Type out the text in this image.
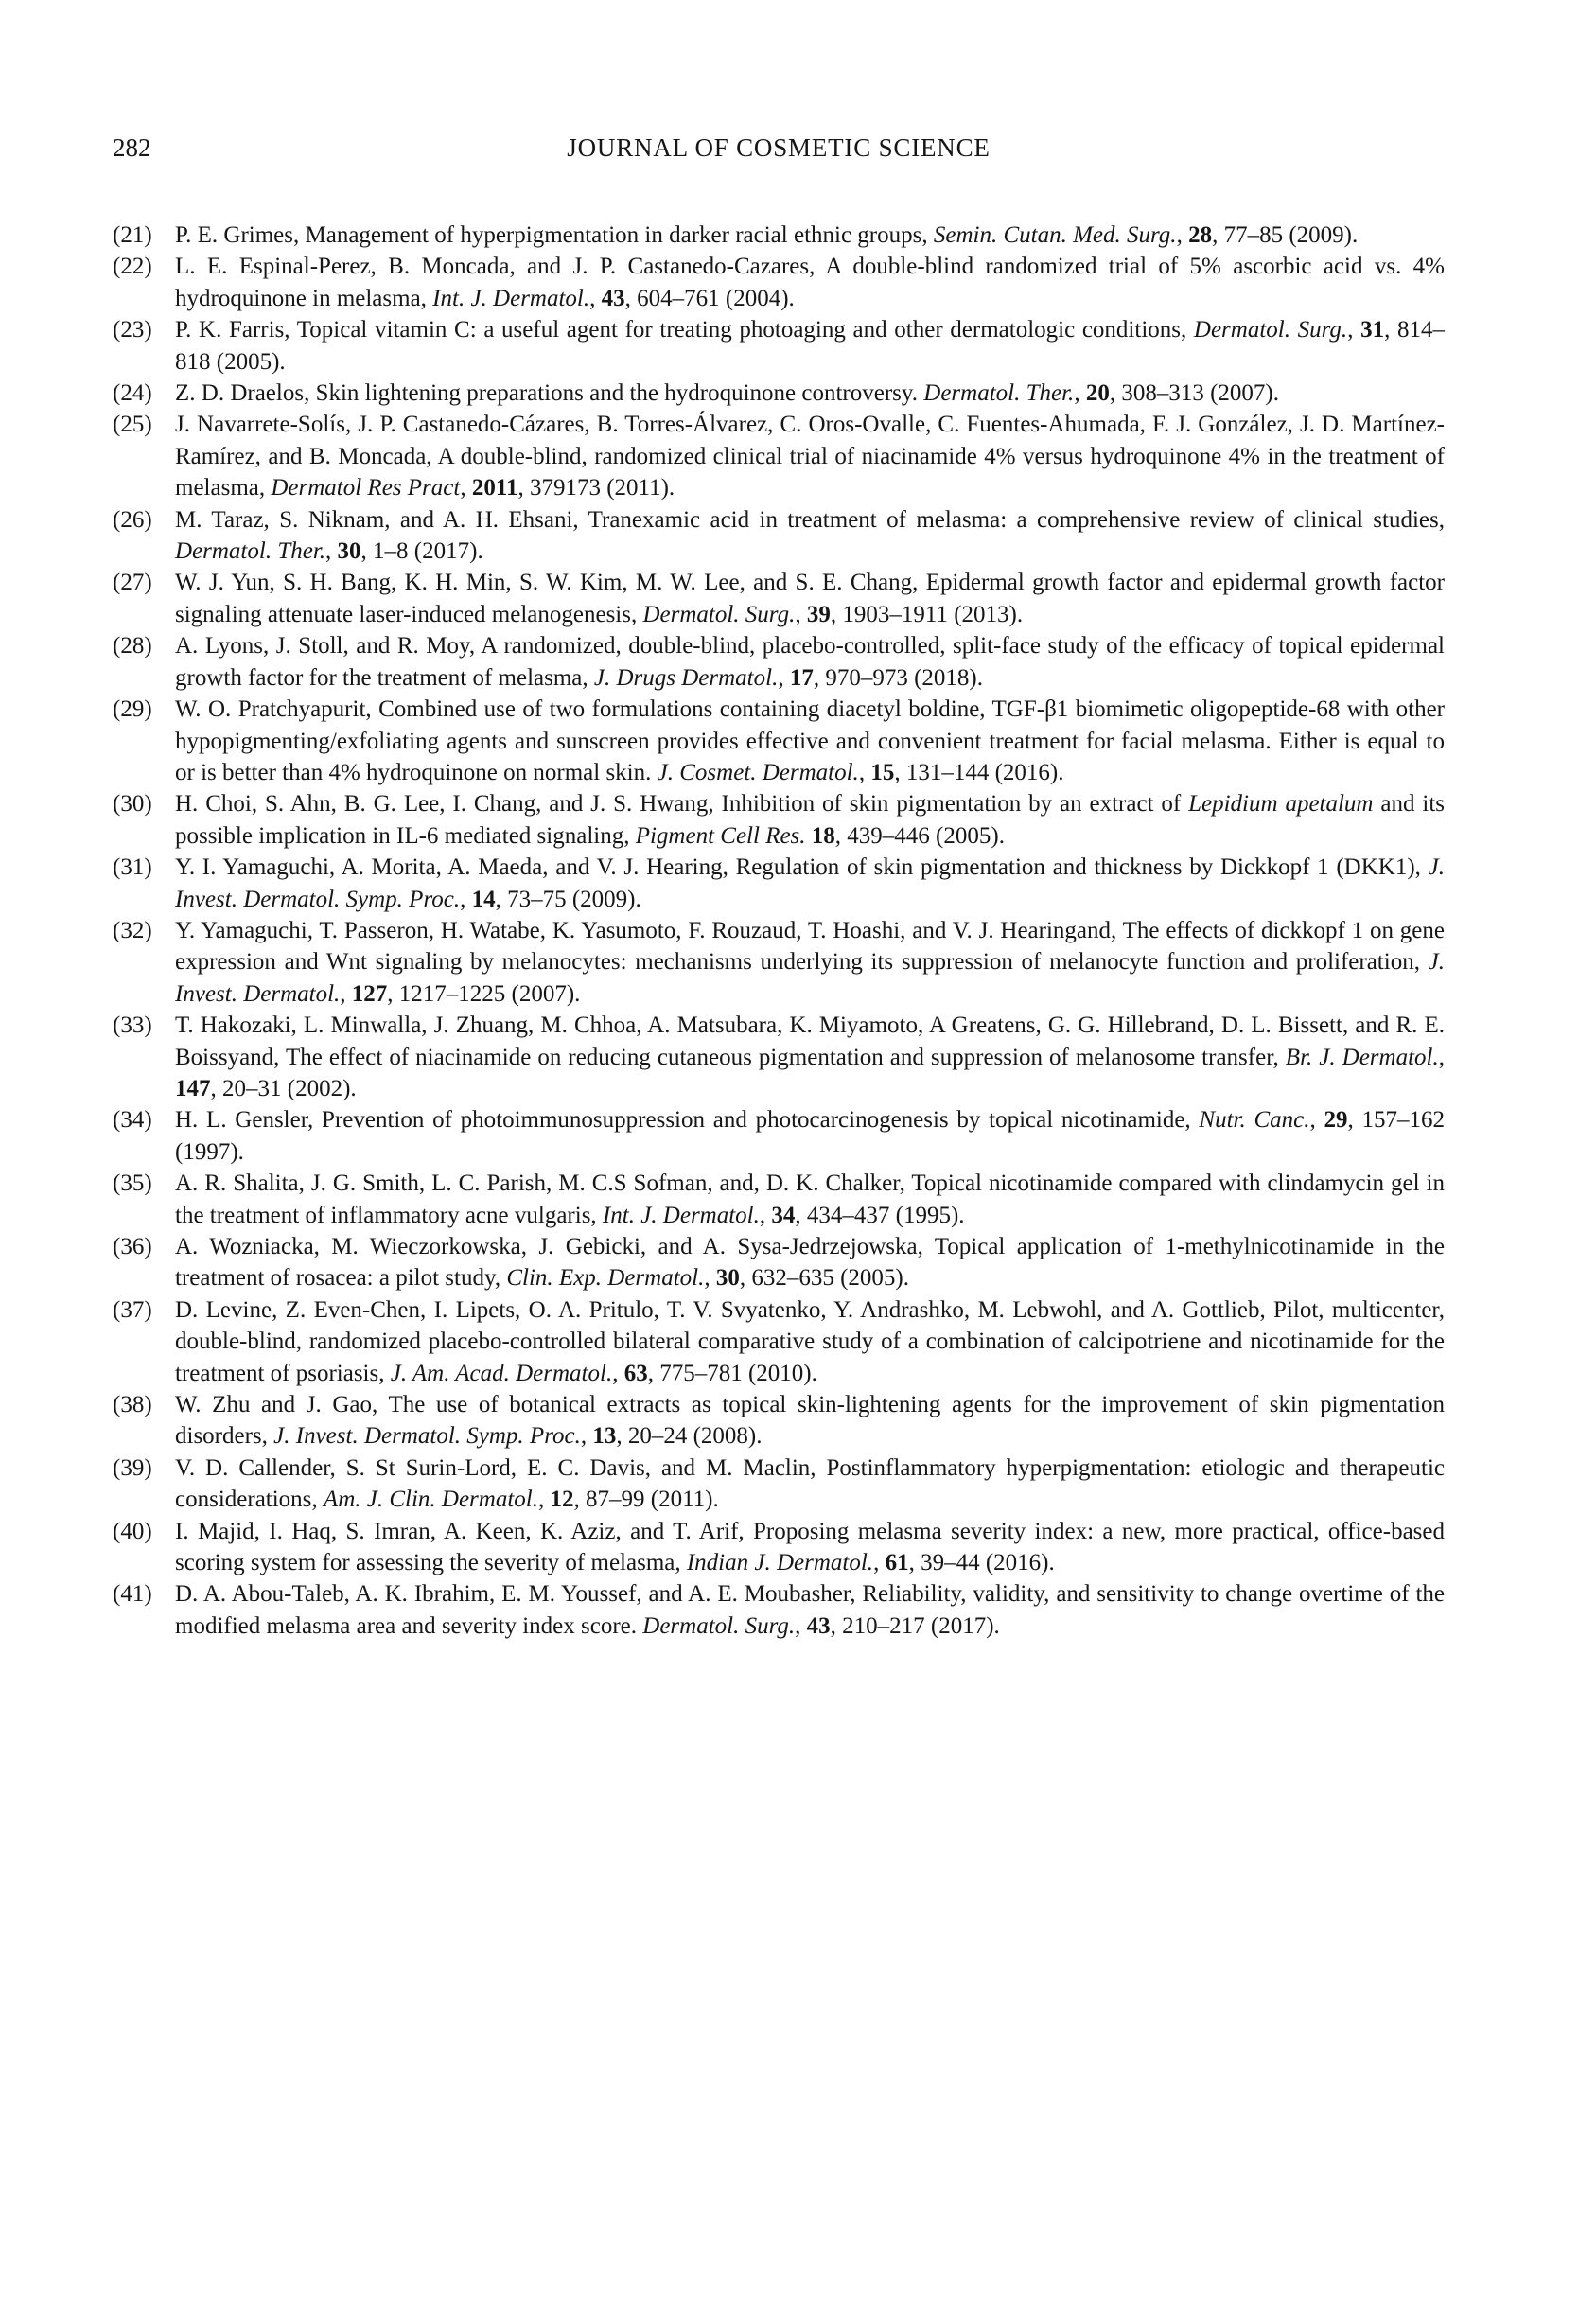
282	JOURNAL OF COSMETIC SCIENCE

(21) P. E. Grimes, Management of hyperpigmentation in darker racial ethnic groups, Semin. Cutan. Med. Surg., 28, 77–85 (2009).

(22) L. E. Espinal-Perez, B. Moncada, and J. P. Castanedo-Cazares, A double-blind randomized trial of 5% ascorbic acid vs. 4% hydroquinone in melasma, Int. J. Dermatol., 43, 604–761 (2004).

(23) P. K. Farris, Topical vitamin C: a useful agent for treating photoaging and other dermatologic conditions, Dermatol. Surg., 31, 814–818 (2005).

(24) Z. D. Draelos, Skin lightening preparations and the hydroquinone controversy. Dermatol. Ther., 20, 308–313 (2007).

(25) J. Navarrete-Solís, J. P. Castanedo-Cázares, B. Torres-Álvarez, C. Oros-Ovalle, C. Fuentes-Ahumada, F. J. González, J. D. Martínez-Ramírez, and B. Moncada, A double-blind, randomized clinical trial of niacinamide 4% versus hydroquinone 4% in the treatment of melasma, Dermatol Res Pract, 2011, 379173 (2011).

(26) M. Taraz, S. Niknam, and A. H. Ehsani, Tranexamic acid in treatment of melasma: a comprehensive review of clinical studies, Dermatol. Ther., 30, 1–8 (2017).

(27) W. J. Yun, S. H. Bang, K. H. Min, S. W. Kim, M. W. Lee, and S. E. Chang, Epidermal growth factor and epidermal growth factor signaling attenuate laser-induced melanogenesis, Dermatol. Surg., 39, 1903–1911 (2013).

(28) A. Lyons, J. Stoll, and R. Moy, A randomized, double-blind, placebo-controlled, split-face study of the efficacy of topical epidermal growth factor for the treatment of melasma, J. Drugs Dermatol., 17, 970–973 (2018).

(29) W. O. Pratchyapurit, Combined use of two formulations containing diacetyl boldine, TGF-β1 biomimetic oligopeptide-68 with other hypopigmenting/exfoliating agents and sunscreen provides effective and convenient treatment for facial melasma. Either is equal to or is better than 4% hydroquinone on normal skin. J. Cosmet. Dermatol., 15, 131–144 (2016).

(30) H. Choi, S. Ahn, B. G. Lee, I. Chang, and J. S. Hwang, Inhibition of skin pigmentation by an extract of Lepidium apetalum and its possible implication in IL-6 mediated signaling, Pigment Cell Res. 18, 439–446 (2005).

(31) Y. I. Yamaguchi, A. Morita, A. Maeda, and V. J. Hearing, Regulation of skin pigmentation and thickness by Dickkopf 1 (DKK1), J. Invest. Dermatol. Symp. Proc., 14, 73–75 (2009).

(32) Y. Yamaguchi, T. Passeron, H. Watabe, K. Yasumoto, F. Rouzaud, T. Hoashi, and V. J. Hearingand, The effects of dickkopf 1 on gene expression and Wnt signaling by melanocytes: mechanisms underlying its suppression of melanocyte function and proliferation, J. Invest. Dermatol., 127, 1217–1225 (2007).

(33) T. Hakozaki, L. Minwalla, J. Zhuang, M. Chhoa, A. Matsubara, K. Miyamoto, A Greatens, G. G. Hillebrand, D. L. Bissett, and R. E. Boissyand, The effect of niacinamide on reducing cutaneous pigmentation and suppression of melanosome transfer, Br. J. Dermatol., 147, 20–31 (2002).

(34) H. L. Gensler, Prevention of photoimmunosuppression and photocarcinogenesis by topical nicotinamide, Nutr. Canc., 29, 157–162 (1997).

(35) A. R. Shalita, J. G. Smith, L. C. Parish, M. C.S Sofman, and, D. K. Chalker, Topical nicotinamide compared with clindamycin gel in the treatment of inflammatory acne vulgaris, Int. J. Dermatol., 34, 434–437 (1995).

(36) A. Wozniacka, M. Wieczorkowska, J. Gebicki, and A. Sysa-Jedrzejowska, Topical application of 1-methylnicotinamide in the treatment of rosacea: a pilot study, Clin. Exp. Dermatol., 30, 632–635 (2005).

(37) D. Levine, Z. Even-Chen, I. Lipets, O. A. Pritulo, T. V. Svyatenko, Y. Andrashko, M. Lebwohl, and A. Gottlieb, Pilot, multicenter, double-blind, randomized placebo-controlled bilateral comparative study of a combination of calcipotriene and nicotinamide for the treatment of psoriasis, J. Am. Acad. Dermatol., 63, 775–781 (2010).

(38) W. Zhu and J. Gao, The use of botanical extracts as topical skin-lightening agents for the improvement of skin pigmentation disorders, J. Invest. Dermatol. Symp. Proc., 13, 20–24 (2008).

(39) V. D. Callender, S. St Surin-Lord, E. C. Davis, and M. Maclin, Postinflammatory hyperpigmentation: etiologic and therapeutic considerations, Am. J. Clin. Dermatol., 12, 87–99 (2011).

(40) I. Majid, I. Haq, S. Imran, A. Keen, K. Aziz, and T. Arif, Proposing melasma severity index: a new, more practical, office-based scoring system for assessing the severity of melasma, Indian J. Dermatol., 61, 39–44 (2016).

(41) D. A. Abou-Taleb, A. K. Ibrahim, E. M. Youssef, and A. E. Moubasher, Reliability, validity, and sensitivity to change overtime of the modified melasma area and severity index score. Dermatol. Surg., 43, 210–217 (2017).
